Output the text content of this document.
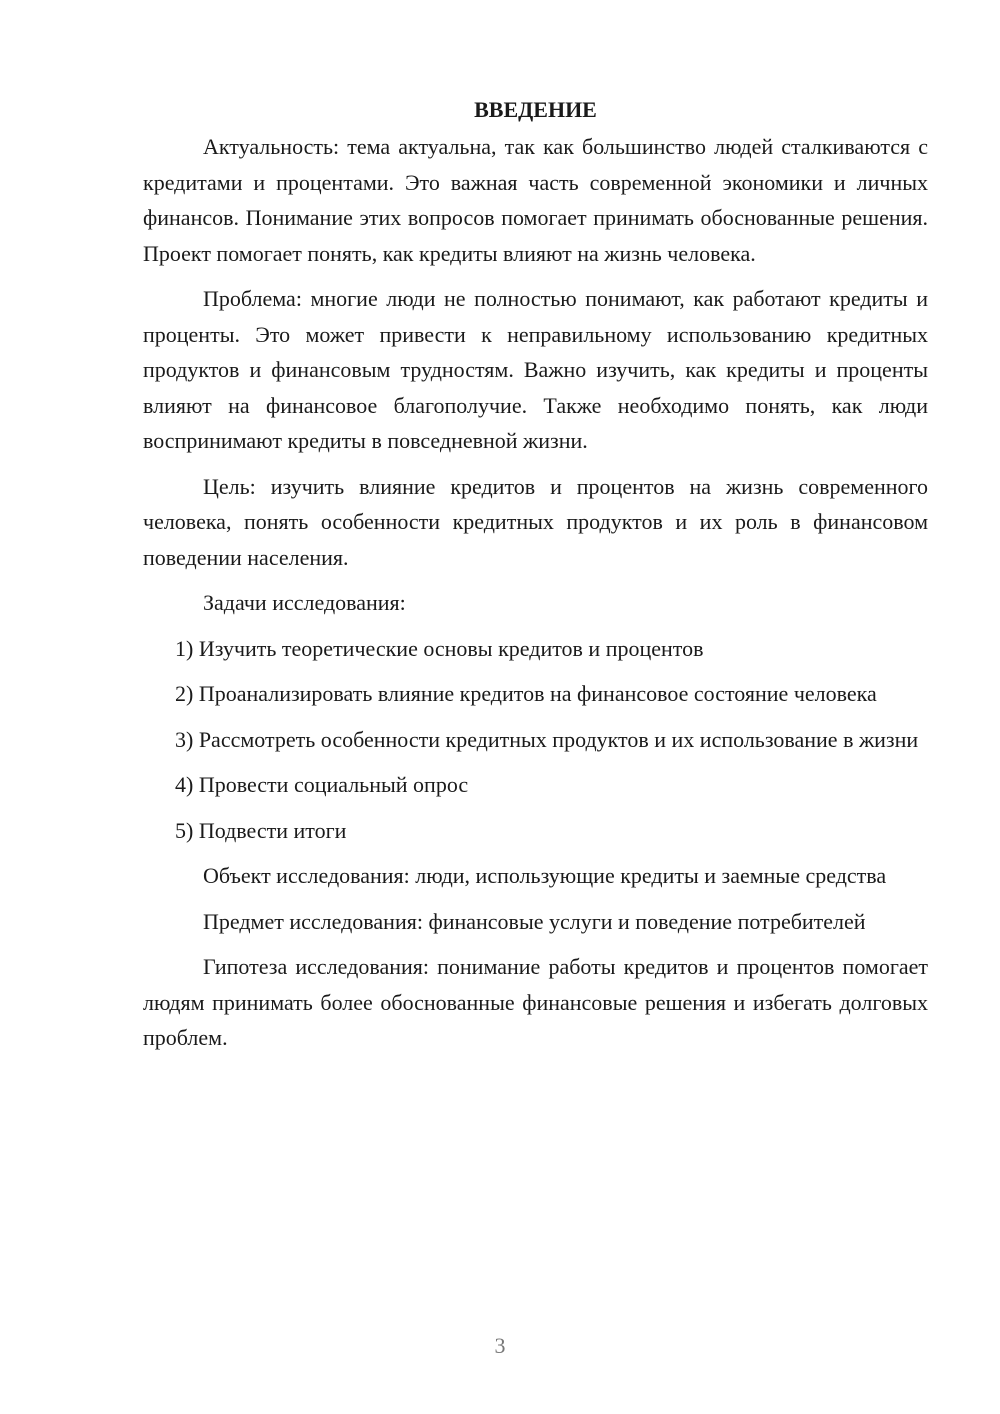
ВВЕДЕНИЕ

Актуальность: тема актуальна, так как большинство людей сталкиваются с кредитами и процентами. Это важная часть современной экономики и личных финансов. Понимание этих вопросов помогает принимать обоснованные решения. Проект помогает понять, как кредиты влияют на жизнь человека.

Проблема: многие люди не полностью понимают, как работают кредиты и проценты. Это может привести к неправильному использованию кредитных продуктов и финансовым трудностям. Важно изучить, как кредиты и проценты влияют на финансовое благополучие. Также необходимо понять, как люди воспринимают кредиты в повседневной жизни.

Цель: изучить влияние кредитов и процентов на жизнь современного человека, понять особенности кредитных продуктов и их роль в финансовом поведении населения.

Задачи исследования:

1) Изучить теоретические основы кредитов и процентов

2) Проанализировать влияние кредитов на финансовое состояние человека

3) Рассмотреть особенности кредитных продуктов и их использование в жизни

4) Провести социальный опрос

5) Подвести итоги

Объект исследования: люди, использующие кредиты и заемные средства

Предмет исследования: финансовые услуги и поведение потребителей

Гипотеза исследования: понимание работы кредитов и процентов помогает людям принимать более обоснованные финансовые решения и избегать долговых проблем.

3
